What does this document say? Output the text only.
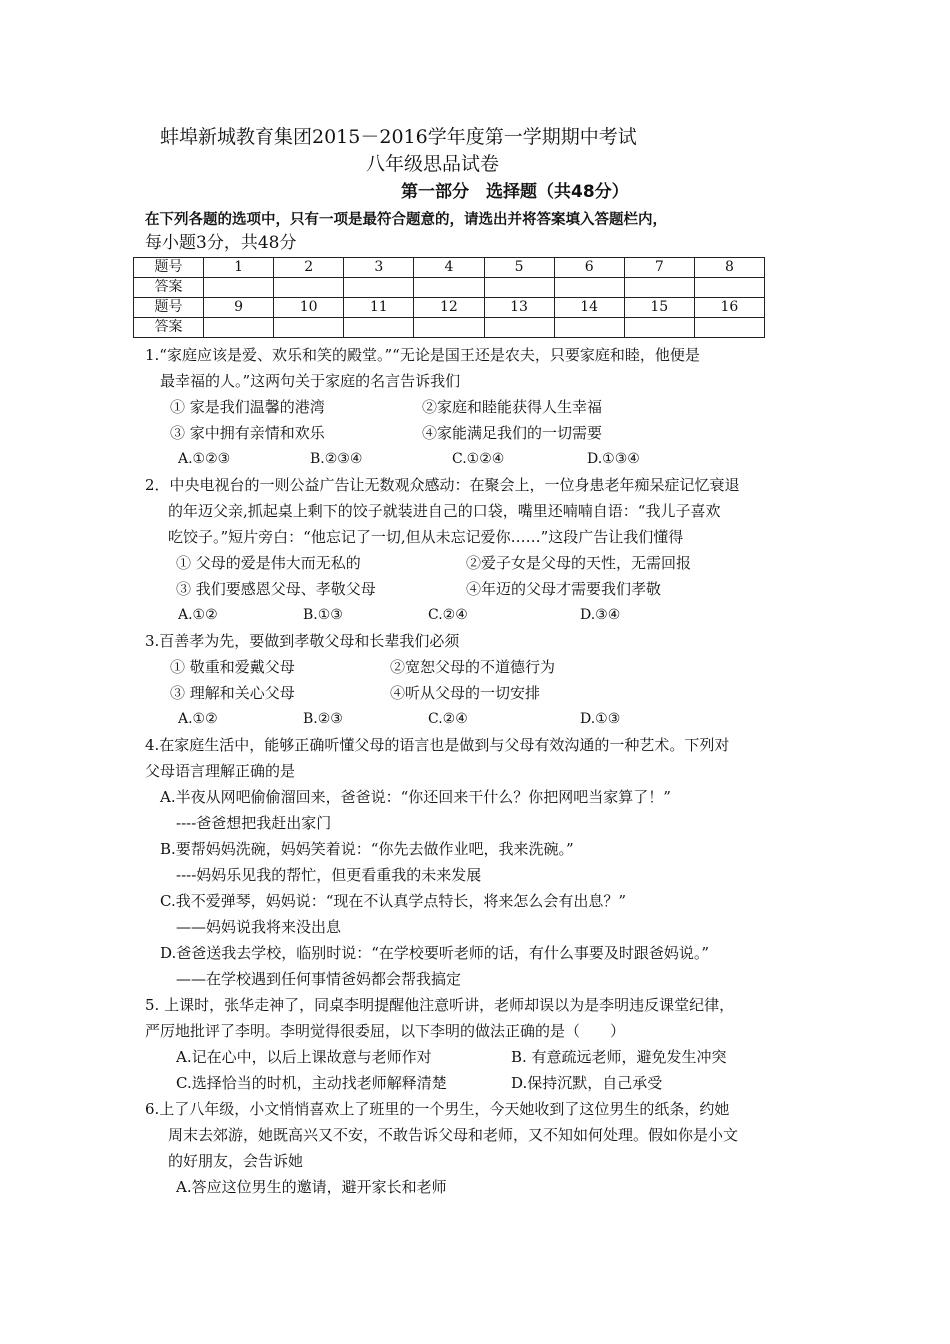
蚌埠新城教育集团2015－2016学年度第一学期期中考试
八年级思品试卷
第一部分　选择题（共48分）
在下列各题的选项中，只有一项是最符合题意的，请选出并将答案填入答题栏内，
每小题3分，共48分
题号	1	2	3	4	5	6	7	8
答案								
题号	9	10	11	12	13	14	15	16
答案								
1.“家庭应该是爱、欢乐和笑的殿堂。”“无论是国王还是农夫，只要家庭和睦，他便是
最幸福的人。”这两句关于家庭的名言告诉我们
① 家是我们温馨的港湾	②家庭和睦能获得人生幸福
③ 家中拥有亲情和欢乐	④家能满足我们的一切需要
A.①②③	B.②③④	C.①②④	D.①③④
2．中央电视台的一则公益广告让无数观众感动：在聚会上，一位身患老年痴呆症记忆衰退
的年迈父亲,抓起桌上剩下的饺子就装进自己的口袋，嘴里还喃喃自语：“我儿子喜欢
吃饺子。”短片旁白：“他忘记了一切,但从未忘记爱你……”这段广告让我们懂得
① 父母的爱是伟大而无私的	②爱子女是父母的天性，无需回报
③ 我们要感恩父母、孝敬父母	④年迈的父母才需要我们孝敬
A.①②	B.①③	C.②④	D.③④
3.百善孝为先，要做到孝敬父母和长辈我们必须
① 敬重和爱戴父母	②宽恕父母的不道德行为
③ 理解和关心父母	④听从父母的一切安排
A.①②	B.②③	C.②④	D.①③
4.在家庭生活中，能够正确听懂父母的语言也是做到与父母有效沟通的一种艺术。下列对
父母语言理解正确的是
A.半夜从网吧偷偷溜回来，爸爸说：“你还回来干什么？你把网吧当家算了！”
----爸爸想把我赶出家门
B.要帮妈妈洗碗，妈妈笑着说：“你先去做作业吧，我来洗碗。”
----妈妈乐见我的帮忙，但更看重我的未来发展
C.我不爱弹琴，妈妈说：“现在不认真学点特长，将来怎么会有出息？”
——妈妈说我将来没出息
D.爸爸送我去学校，临别时说：“在学校要听老师的话，有什么事要及时跟爸妈说。”
——在学校遇到任何事情爸妈都会帮我搞定
5. 上课时，张华走神了，同桌李明提醒他注意听讲，老师却误以为是李明违反课堂纪律，
严厉地批评了李明。李明觉得很委屈，以下李明的做法正确的是（　　）
A.记在心中，以后上课故意与老师作对	B. 有意疏远老师，避免发生冲突
C.选择恰当的时机，主动找老师解释清楚	D.保持沉默，自己承受
6.上了八年级，小文悄悄喜欢上了班里的一个男生，今天她收到了这位男生的纸条，约她
周末去郊游，她既高兴又不安，不敢告诉父母和老师，又不知如何处理。假如你是小文
的好朋友，会告诉她
A.答应这位男生的邀请，避开家长和老师
